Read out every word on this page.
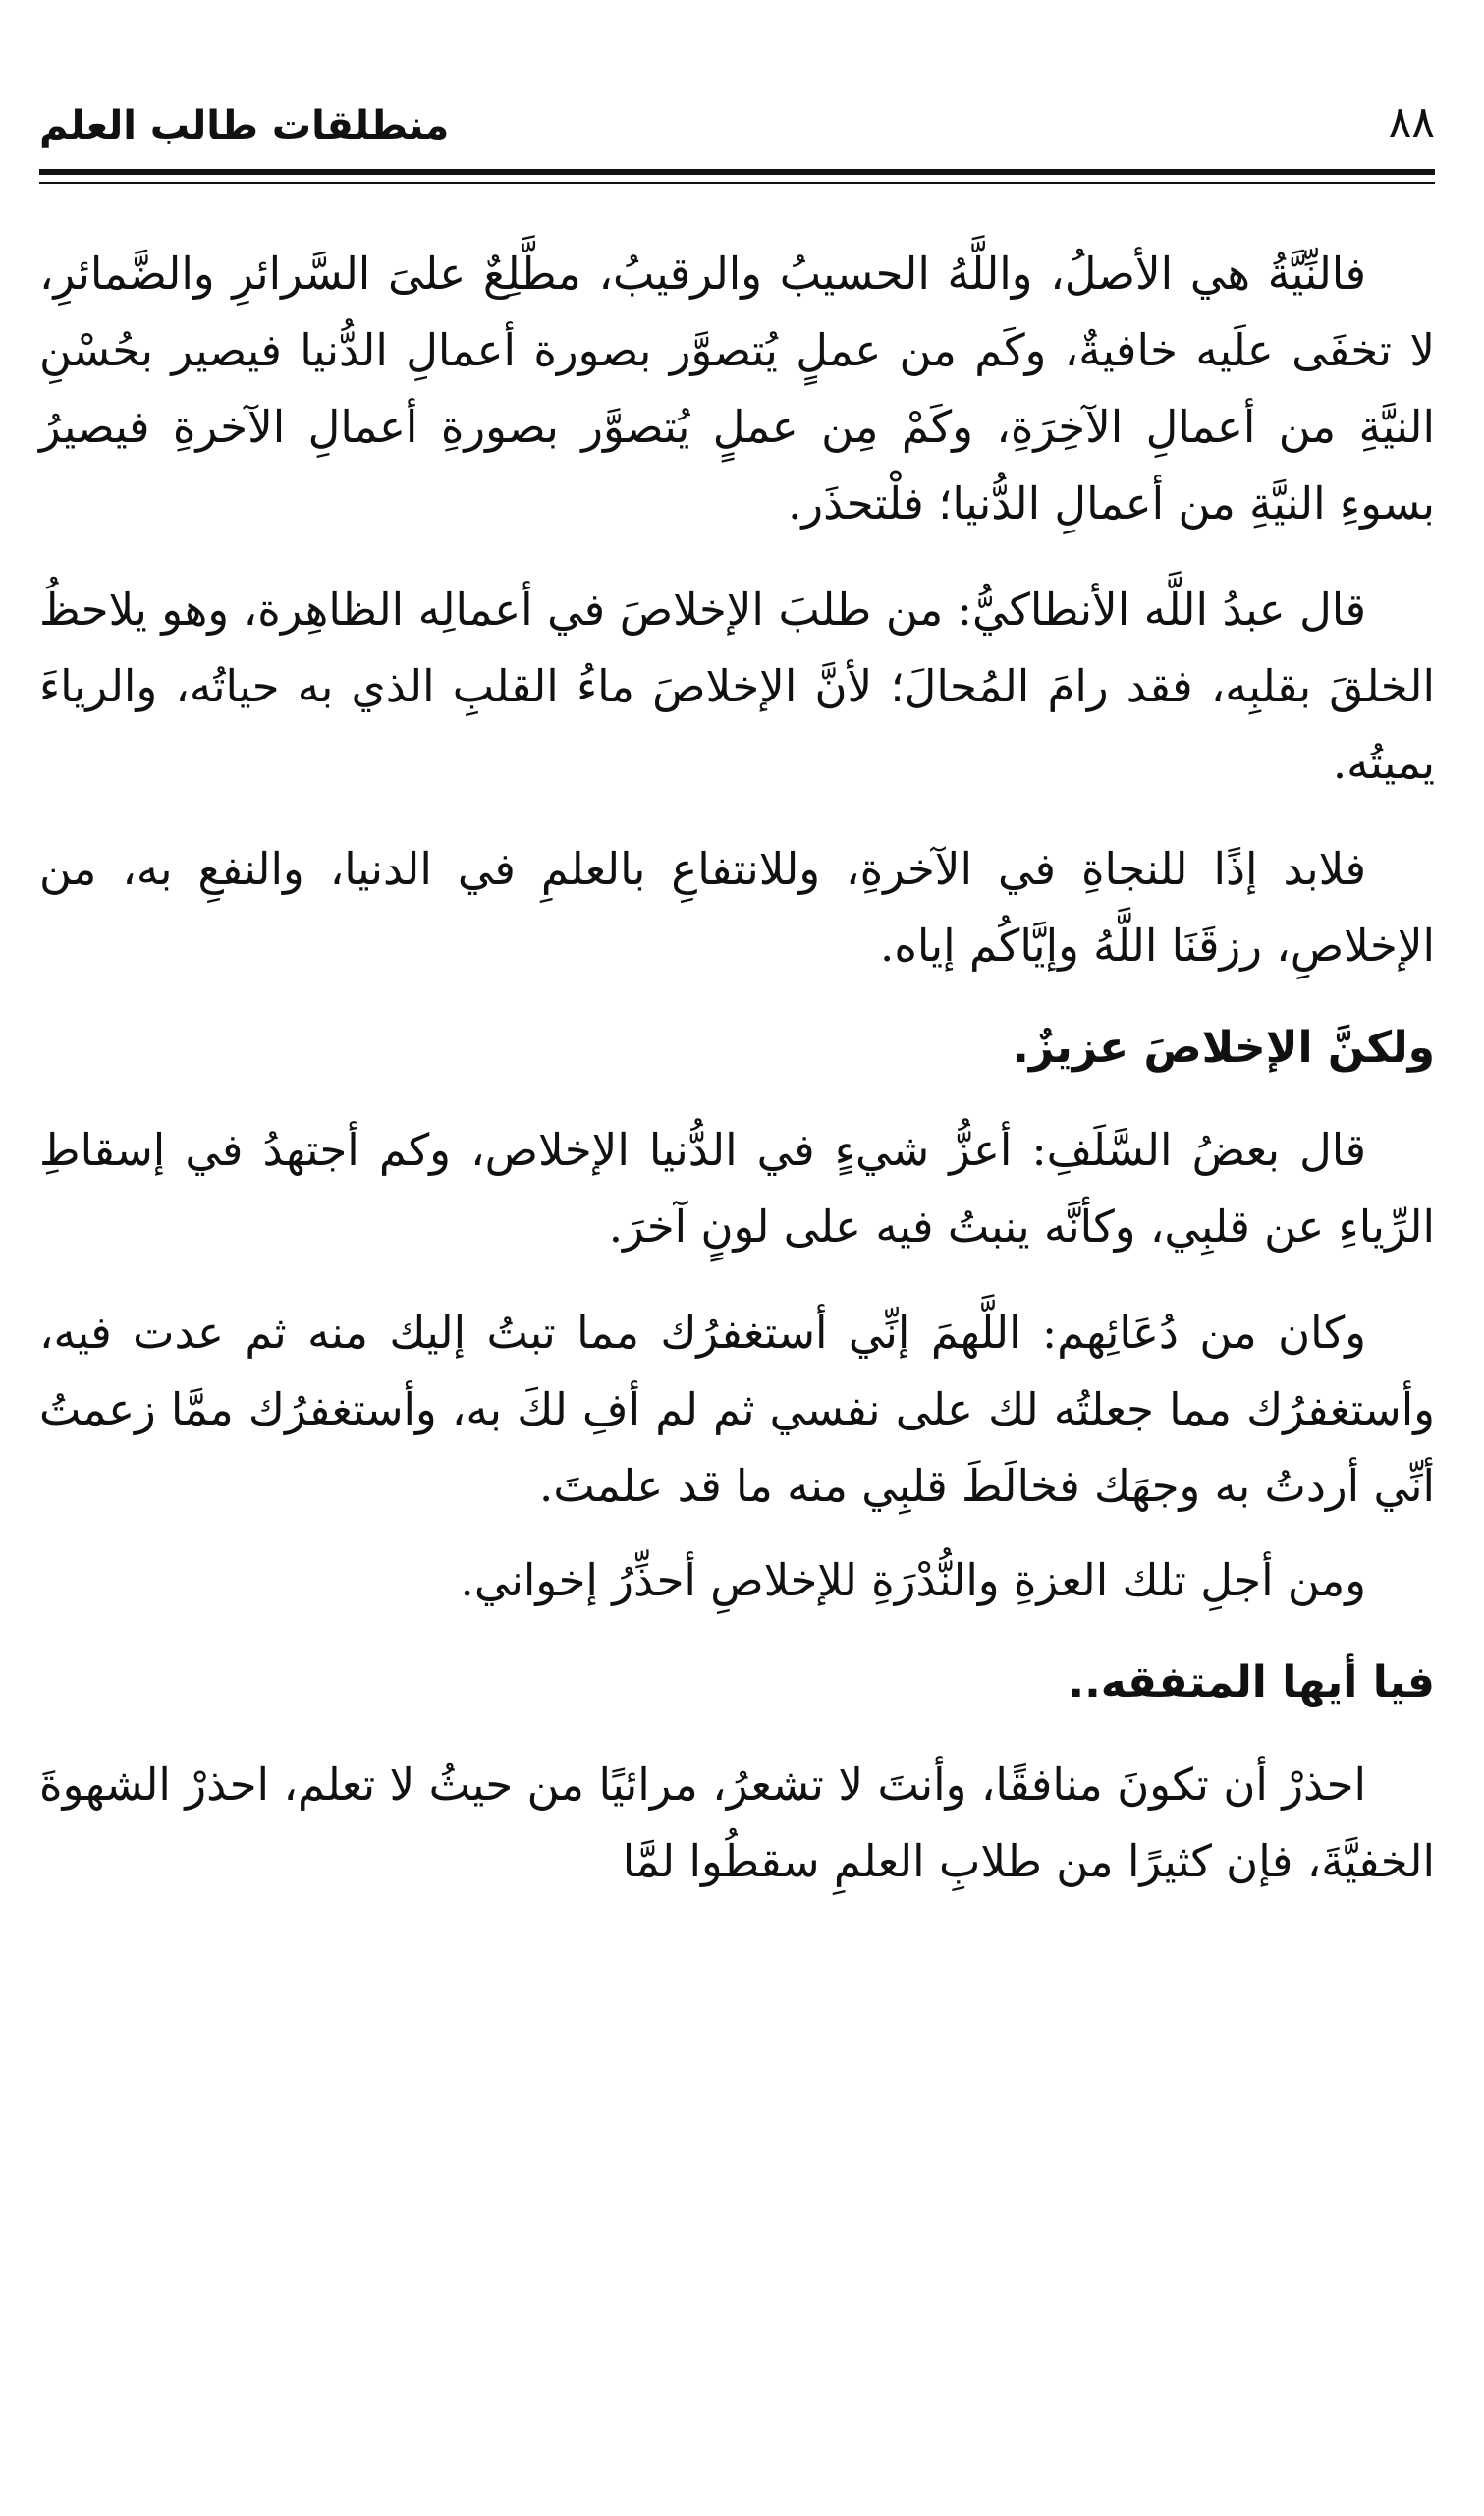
٨٨
منطلقات طالب العلم

فالنِّيَّةُ هي الأصلُ، واللَّهُ الحسيبُ والرقيبُ، مطَّلِعٌ علىَ السَّرائرِ والضَّمائرِ، لا تخفَى علَيه خافيةٌ، وكَم من عملٍ يُتصوَّر بصورة أعمالِ الدُّنيا فيصير بحُسْنِ النيَّةِ من أعمالِ الآخِرَةِ، وكَمْ مِن عملٍ يُتصوَّر بصورةِ أعمالِ الآخرةِ فيصيرُ بسوءِ النيَّةِ من أعمالِ الدُّنيا؛ فلْتحذَر.

قال عبدُ اللَّه الأنطاكيُّ: من طلبَ الإخلاصَ في أعمالِه الظاهِرة، وهو يلاحظُ الخلقَ بقلبِه، فقد رامَ المُحالَ؛ لأنَّ الإخلاصَ ماءُ القلبِ الذي به حياتُه، والرياءَ يميتُه.

فلابد إذًا للنجاةِ في الآخرةِ، وللانتفاعِ بالعلمِ في الدنيا، والنفعِ به، من الإخلاصِ، رزقَنَا اللَّهُ وإيَّاكُم إياه.

ولكنَّ الإخلاصَ عزيزٌ.

قال بعضُ السَّلَفِ: أعزُّ شيءٍ في الدُّنيا الإخلاص، وكم أجتهدُ في إسقاطِ الرِّياءِ عن قلبِي، وكأنَّه ينبتُ فيه على لونٍ آخرَ.

وكان من دُعَائِهم: اللَّهمَ إنِّي أستغفرُك مما تبتُ إليك منه ثم عدت فيه، وأستغفرُك مما جعلتُه لك على نفسي ثم لم أفِ لكَ به، وأستغفرُك ممَّا زعمتُ أنِّي أردتُ به وجهَك فخالَطَ قلبِي منه ما قد علمتَ.

ومن أجلِ تلك العزةِ والنُّدْرَةِ للإخلاصِ أحذِّرُ إخواني.

فيا أيها المتفقه..

احذرْ أن تكونَ منافقًا، وأنتَ لا تشعرُ، مرائيًا من حيثُ لا تعلم، احذرْ الشهوةَ الخفيَّةَ، فإن كثيرًا من طلابِ العلمِ سقطُوا لمَّا
